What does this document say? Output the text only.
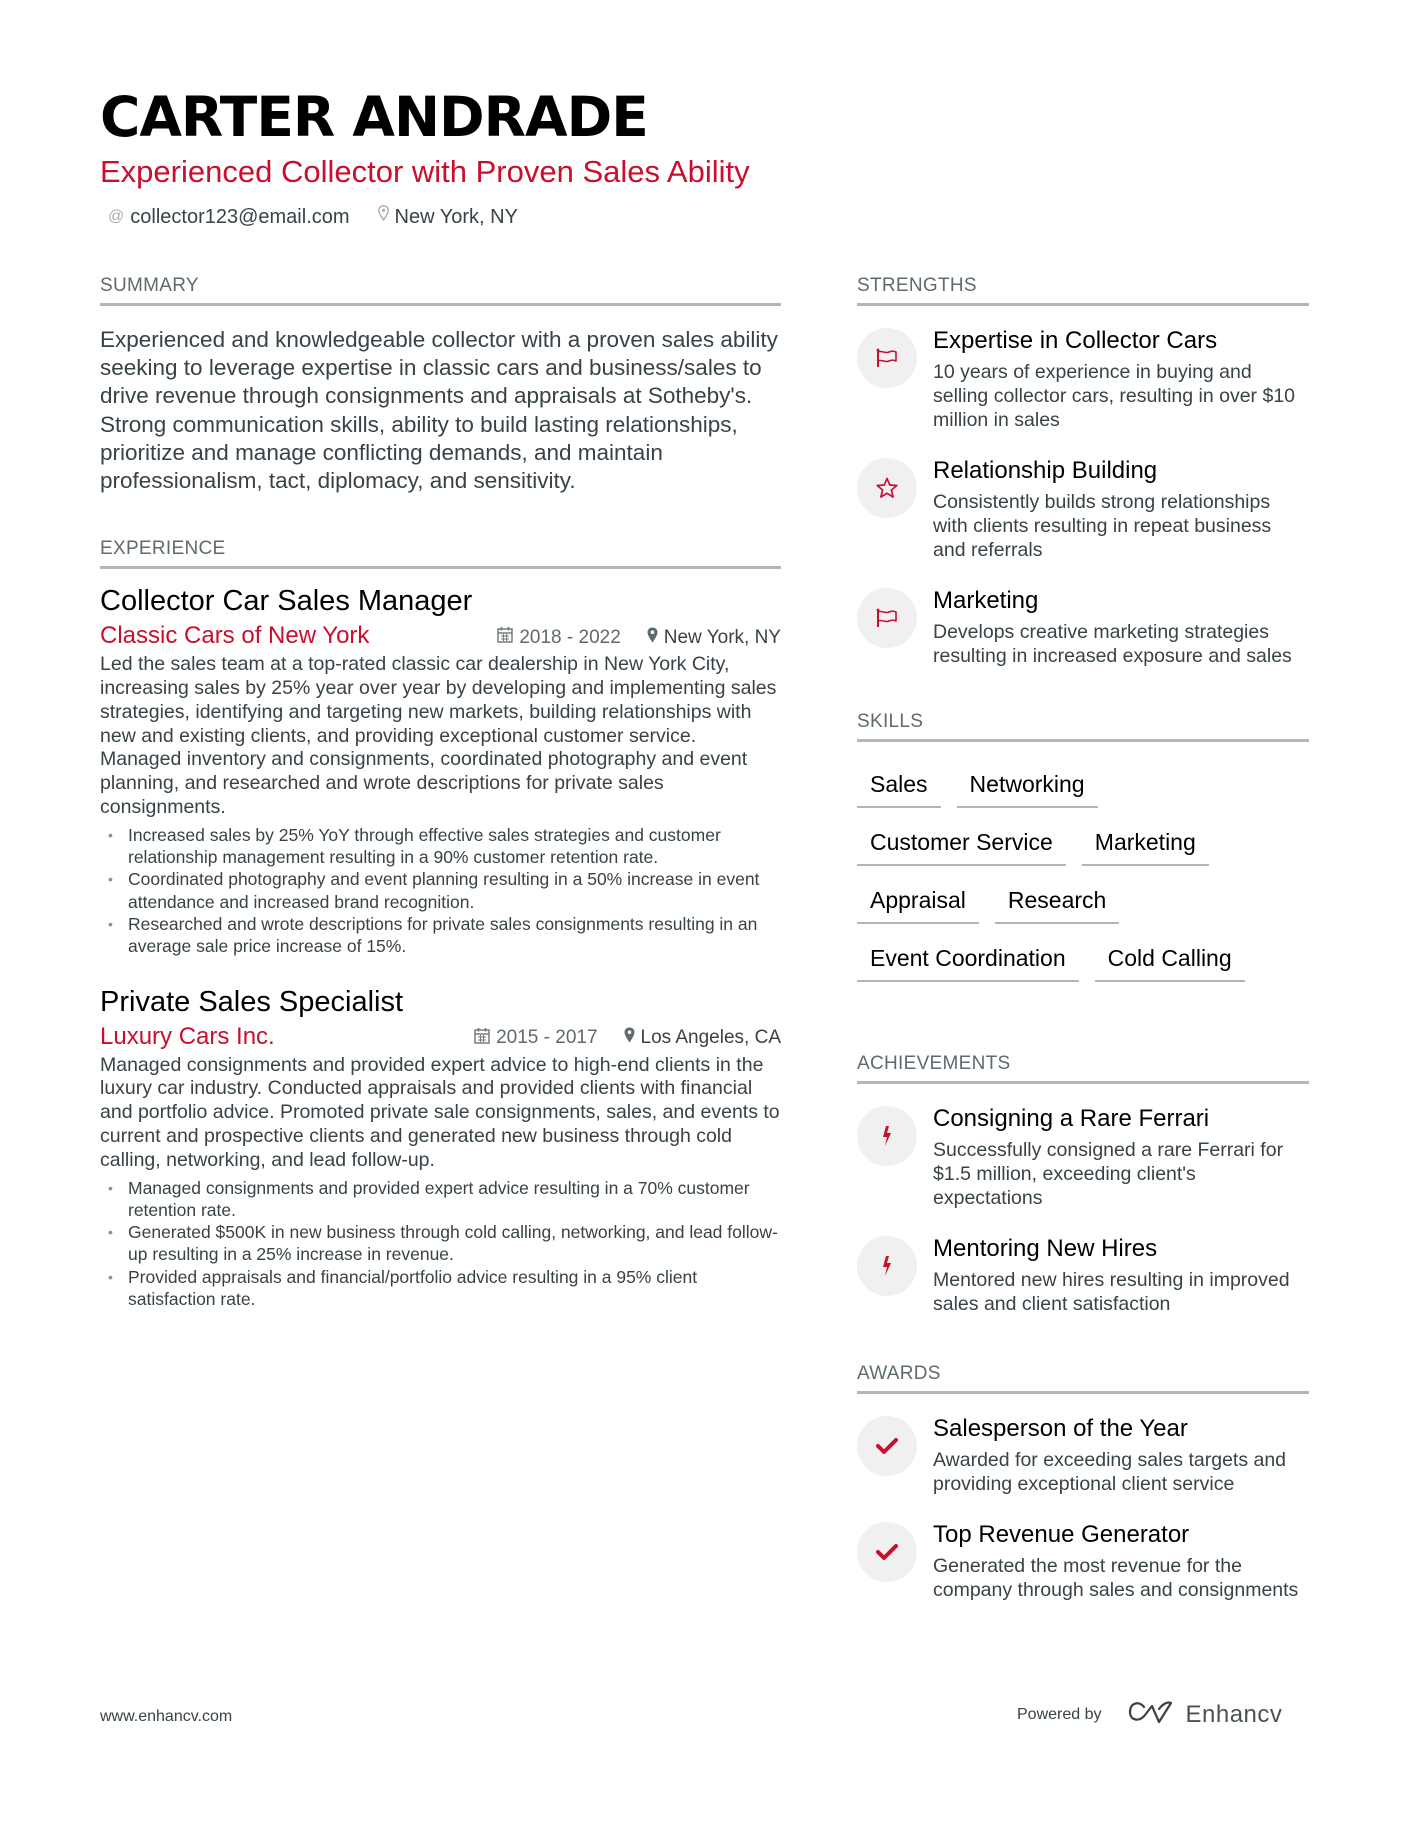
CARTER ANDRADE
Experienced Collector with Proven Sales Ability
@ collector123@email.com New York, NY
SUMMARY

Experienced and knowledgeable collector with a proven sales ability seeking to leverage expertise in classic cars and business/sales to drive revenue through consignments and appraisals at Sotheby's. Strong communication skills, ability to build lasting relationships, prioritize and manage conflicting demands, and maintain professionalism, tact, diplomacy, and sensitivity.

EXPERIENCE
Collector Car Sales Manager
Classic Cars of New York	2018 - 2022 New York, NY

Led the sales team at a top-rated classic car dealership in New York City, increasing sales by 25% year over year by developing and implementing sales strategies, identifying and targeting new markets, building relationships with new and existing clients, and providing exceptional customer service. Managed inventory and consignments, coordinated photography and event planning, and researched and wrote descriptions for private sales consignments.

• Increased sales by 25% YoY through effective sales strategies and customer relationship management resulting in a 90% customer retention rate.
• Coordinated photography and event planning resulting in a 50% increase in event attendance and increased brand recognition.
• Researched and wrote descriptions for private sales consignments resulting in an average sale price increase of 15%.
Private Sales Specialist
Luxury Cars Inc.	2015 - 2017 Los Angeles, CA

Managed consignments and provided expert advice to high-end clients in the luxury car industry. Conducted appraisals and provided clients with financial and portfolio advice. Promoted private sale consignments, sales, and events to current and prospective clients and generated new business through cold calling, networking, and lead follow-up.

• Managed consignments and provided expert advice resulting in a 70% customer retention rate.
• Generated $500K in new business through cold calling, networking, and lead follow-up resulting in a 25% increase in revenue.
• Provided appraisals and financial/portfolio advice resulting in a 95% client satisfaction rate.
STRENGTHS
Expertise in Collector Cars
10 years of experience in buying and selling collector cars, resulting in over $10 million in sales
Relationship Building
Consistently builds strong relationships with clients resulting in repeat business and referrals
Marketing
Develops creative marketing strategies resulting in increased exposure and sales
SKILLS
Sales	Networking
Customer Service	Marketing
Appraisal	Research
Event Coordination	Cold Calling
ACHIEVEMENTS
Consigning a Rare Ferrari
Successfully consigned a rare Ferrari for $1.5 million, exceeding client's expectations
Mentoring New Hires
Mentored new hires resulting in improved sales and client satisfaction
AWARDS
Salesperson of the Year
Awarded for exceeding sales targets and providing exceptional client service
Top Revenue Generator
Generated the most revenue for the company through sales and consignments
www.enhancv.com	Powered by	Enhancv
